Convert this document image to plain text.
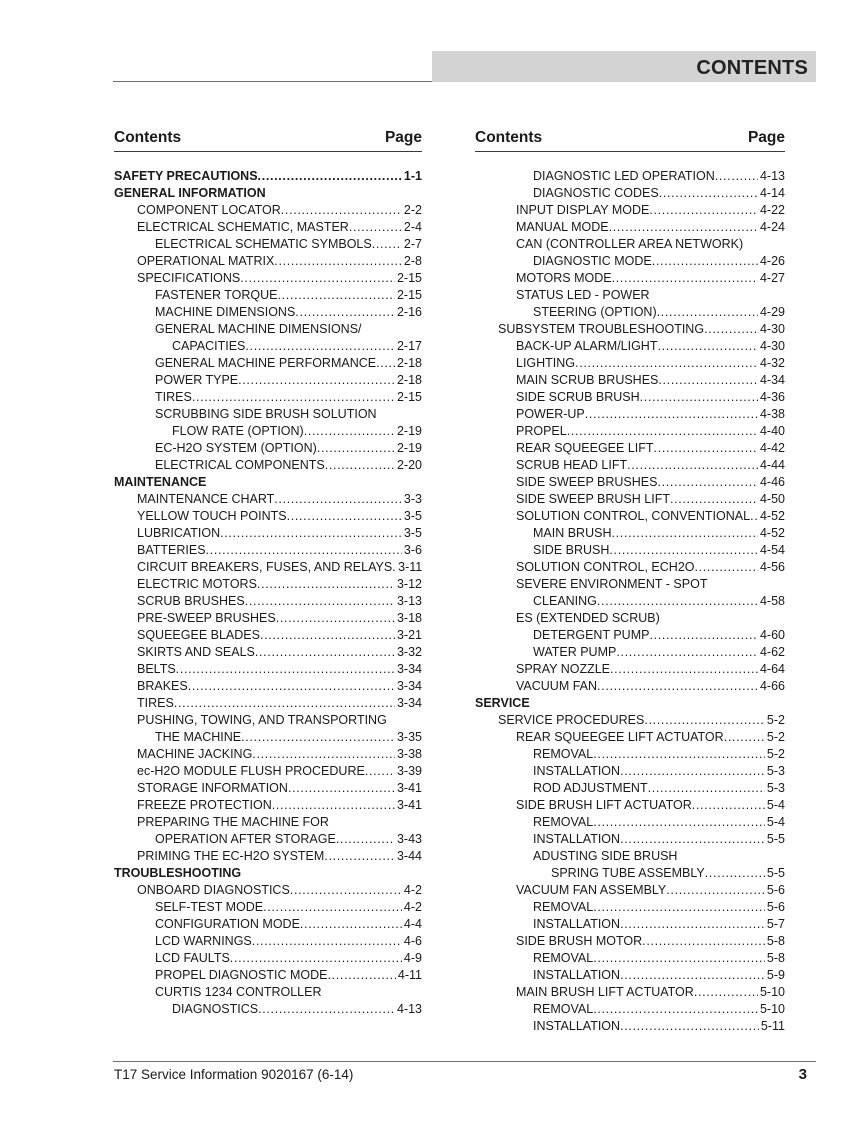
CONTENTS
Contents	Page
SAFETY PRECAUTIONS . . .	1-1
GENERAL INFORMATION
COMPONENT LOCATOR . . .	2-2
ELECTRICAL SCHEMATIC, MASTER . . .	2-4
ELECTRICAL SCHEMATIC SYMBOLS . . .	2-7
OPERATIONAL MATRIX . . .	2-8
SPECIFICATIONS . . .	2-15
FASTENER TORQUE . . .	2-15
MACHINE DIMENSIONS . . .	2-16
GENERAL MACHINE DIMENSIONS/
CAPACITIES . . .	2-17
GENERAL MACHINE PERFORMANCE . . . 2-18
POWER TYPE . . .	2-18
TIRES . . .	2-15
SCRUBBING SIDE BRUSH SOLUTION
FLOW RATE (OPTION) . . .	2-19
EC-H2O SYSTEM (OPTION) . . .	2-19
ELECTRICAL COMPONENTS . . .	2-20
MAINTENANCE
MAINTENANCE CHART . . .	3-3
YELLOW TOUCH POINTS . . .	3-5
LUBRICATION . . .	3-5
BATTERIES . . .	3-6
CIRCUIT BREAKERS, FUSES, AND RELAYS . . . 3-11
ELECTRIC MOTORS . . .	3-12
SCRUB BRUSHES . . .	3-13
PRE-SWEEP BRUSHES . . .	3-18
SQUEEGEE BLADES . . .	3-21
SKIRTS AND SEALS . . .	3-32
BELTS . . .	3-34
BRAKES . . .	3-34
TIRES . . .	3-34
PUSHING, TOWING, AND TRANSPORTING
THE MACHINE . . .	3-35
MACHINE JACKING . . .	3-38
ec-H2O MODULE FLUSH PROCEDURE . . .	3-39
STORAGE INFORMATION . . .	3-41
FREEZE PROTECTION . . .	3-41
PREPARING THE MACHINE FOR
OPERATION AFTER STORAGE . . .	3-43
PRIMING THE EC-H2O SYSTEM . . .	3-44
TROUBLESHOOTING
ONBOARD DIAGNOSTICS . . .	4-2
SELF-TEST MODE . . .	4-2
CONFIGURATION MODE . . .	4-4
LCD WARNINGS . . .	4-6
LCD FAULTS . . .	4-9
PROPEL DIAGNOSTIC MODE . . .	4-11
CURTIS 1234 CONTROLLER
DIAGNOSTICS . . .	4-13
Contents	Page
DIAGNOSTIC LED OPERATION . . .	4-13
DIAGNOSTIC CODES . . .	4-14
INPUT DISPLAY MODE . . .	4-22
MANUAL MODE . . .	4-24
CAN (CONTROLLER AREA NETWORK)
DIAGNOSTIC MODE . . .	4-26
MOTORS MODE . . .	4-27
STATUS LED - POWER
STEERING (OPTION) . . .	4-29
SUBSYSTEM TROUBLESHOOTING . . .	4-30
BACK-UP ALARM/LIGHT . . .	4-30
LIGHTING . . .	4-32
MAIN SCRUB BRUSHES . . .	4-34
SIDE SCRUB BRUSH . . .	4-36
POWER-UP . . .	4-38
PROPEL . . .	4-40
REAR SQUEEGEE LIFT . . .	4-42
SCRUB HEAD LIFT . . .	4-44
SIDE SWEEP BRUSHES . . .	4-46
SIDE SWEEP BRUSH LIFT . . .	4-50
SOLUTION CONTROL, CONVENTIONAL . . . 4-52
MAIN BRUSH . . .	4-52
SIDE BRUSH . . .	4-54
SOLUTION CONTROL, ECH2O . . .	4-56
SEVERE ENVIRONMENT - SPOT
CLEANING . . .	4-58
ES (EXTENDED SCRUB)
DETERGENT PUMP . . .	4-60
WATER PUMP . . .	4-62
SPRAY NOZZLE . . .	4-64
VACUUM FAN . . .	4-66
SERVICE
SERVICE PROCEDURES . . .	5-2
REAR SQUEEGEE LIFT ACTUATOR . . .	5-2
REMOVAL . . .	5-2
INSTALLATION . . .	5-3
ROD ADJUSTMENT . . .	5-3
SIDE BRUSH LIFT ACTUATOR . . .	5-4
REMOVAL . . .	5-4
INSTALLATION . . .	5-5
ADUSTING SIDE BRUSH
SPRING TUBE ASSEMBLY . . .	5-5
VACUUM FAN ASSEMBLY . . .	5-6
REMOVAL . . .	5-6
INSTALLATION . . .	5-7
SIDE BRUSH MOTOR . . .	5-8
REMOVAL . . .	5-8
INSTALLATION . . .	5-9
MAIN BRUSH LIFT ACTUATOR . . .	5-10
REMOVAL . . .	5-10
INSTALLATION . . .	5-11
T17 Service Information 9020167 (6-14)	3
